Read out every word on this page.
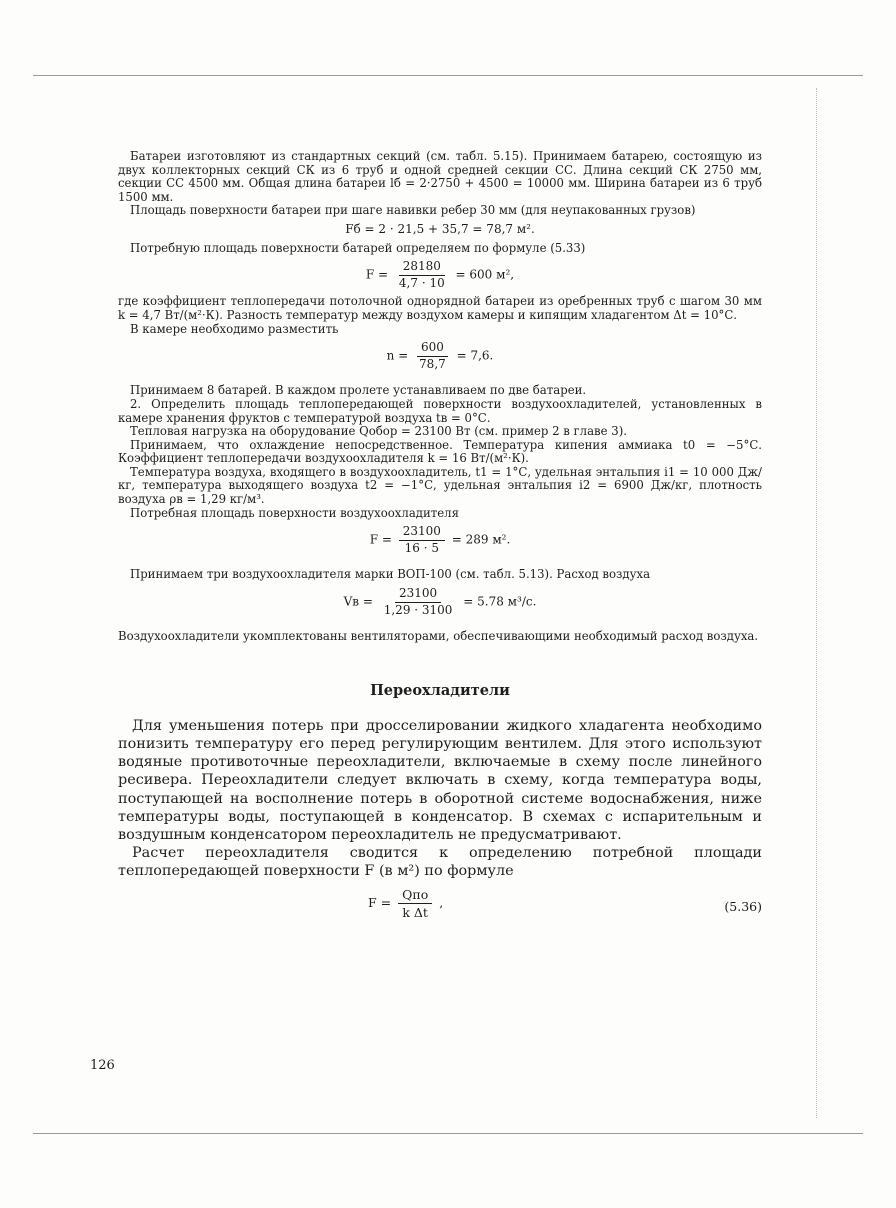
Батареи изготовляют из стандартных секций (см. табл. 5.15). Принимаем батарею, состоящую из двух коллекторных секций СК из 6 труб и одной средней секции СС. Длина секций СК 2750 мм, секции СС 4500 мм. Общая длина батареи lб = 2·2750 + 4500 = 10000 мм. Ширина батареи из 6 труб 1500 мм.

Площадь поверхности батареи при шаге навивки ребер 30 мм (для неупакованных грузов)

Fб = 2 · 21,5 + 35,7 = 78,7 м².

Потребную площадь поверхности батарей определяем по формуле (5.33)

$F = \frac{28180}{4,7 \cdot 10} = 600$ м²,

где коэффициент теплопередачи потолочной однорядной батареи из оребренных труб с шагом 30 мм k = 4,7 Вт/(м²·К). Разность температур между воздухом камеры и кипящим хладагентом Δt = 10°С.

В камере необходимо разместить

$n = \frac{600}{78,7} = 7,6$.

Принимаем 8 батарей. В каждом пролете устанавливаем по две батареи.

2. Определить площадь теплопередающей поверхности воздухоохладителей, установленных в камере хранения фруктов с температурой воздуха tв = 0°С.

Тепловая нагрузка на оборудование Qобор = 23100 Вт (см. пример 2 в главе 3).

Принимаем, что охлаждение непосредственное. Температура кипения аммиака t0 = −5°С. Коэффициент теплопередачи воздухоохладителя k = 16 Вт/(м²·К).

Температура воздуха, входящего в воздухоохладитель, t1 = 1°С, удельная энтальпия i1 = 10 000 Дж/кг, температура выходящего воздуха t2 = −1°С, удельная энтальпия i2 = 6900 Дж/кг, плотность воздуха ρв = 1,29 кг/м³.

Потребная площадь поверхности воздухоохладителя

$F = \frac{23100}{16 \cdot 5} = 289$ м².

Принимаем три воздухоохладителя марки ВОП-100 (см. табл. 5.13). Расход воздуха

Vв = $\frac{23100}{1,29 \cdot 3100} = 5.78$ м³/с.

Воздухоохладители укомплектованы вентиляторами, обеспечивающими необходимый расход воздуха.

Переохладители

Для уменьшения потерь при дросселировании жидкого хладагента необходимо понизить температуру его перед регулирующим вентилем. Для этого используют водяные противоточные переохладители, включаемые в схему после линейного ресивера. Переохладители следует включать в схему, когда температура воды, поступающей на восполнение потерь в оборотной системе водоснабжения, ниже температуры воды, поступающей в конденсатор. В схемах с испарительным и воздушным конденсатором переохладитель не предусматривают.

Расчет переохладителя сводится к определению потребной площади теплопередающей поверхности F (в м²) по формуле

$F = \frac{\text{Qпо}}{\text{k Δt}}$ ,	(5.36)
126
